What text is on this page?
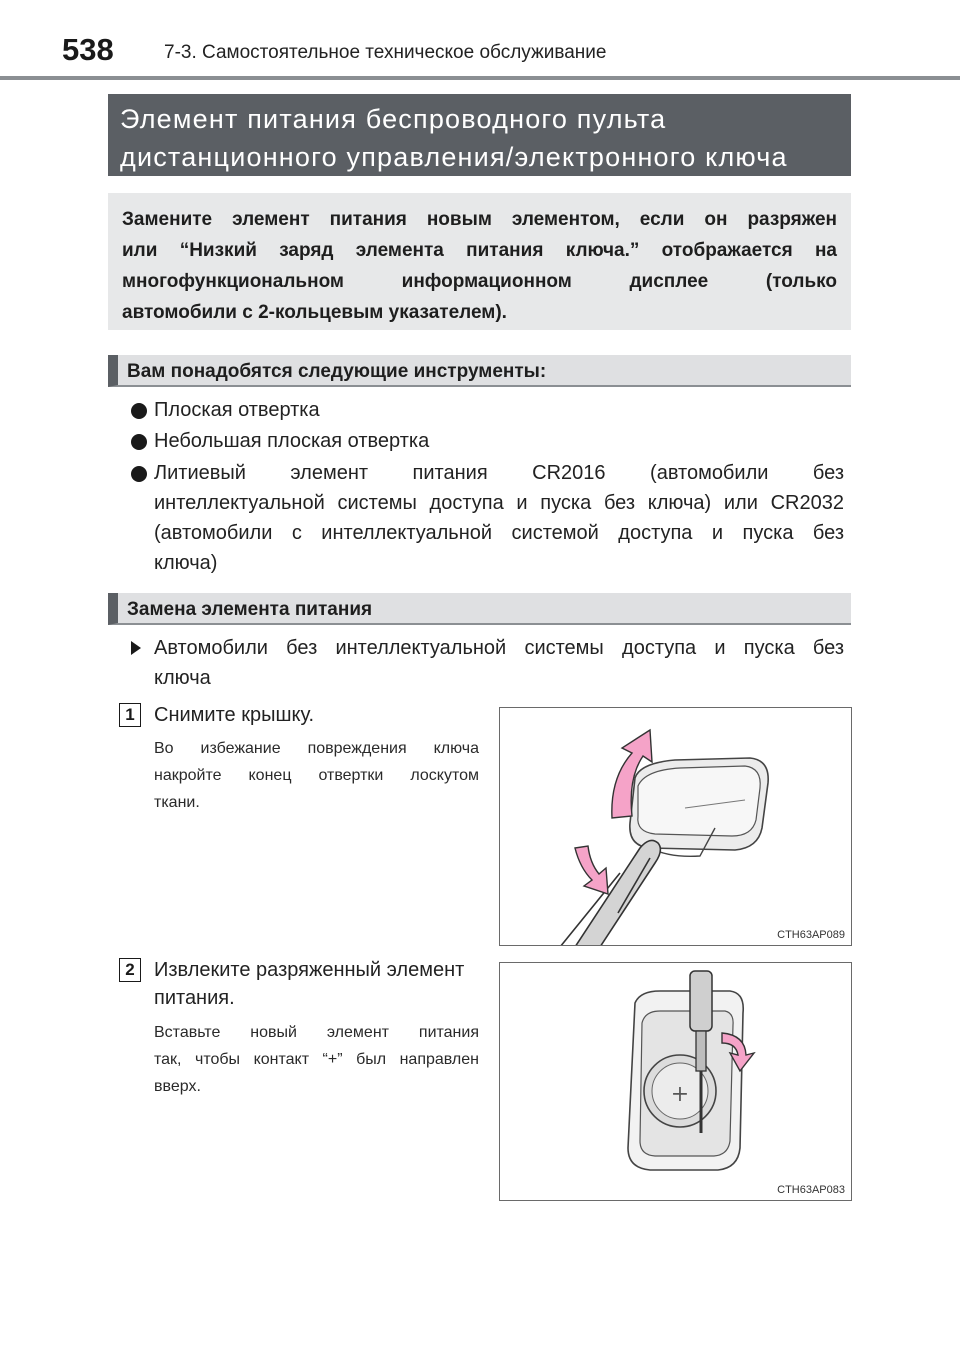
538	7-3. Самостоятельное техническое обслуживание
Элемент питания беспроводного пульта
дистанционного управления/электронного ключа
Замените элемент питания новым элементом, если он разряжен
или “Низкий заряд элемента питания ключа.” отображается на
многофункциональном информационном дисплее (только
автомобили с 2-кольцевым указателем).
Вам понадобятся следующие инструменты:
Плоская отвертка
Небольшая плоская отвертка
Литиевый элемент питания CR2016 (автомобили без
интеллектуальной системы доступа и пуска без ключа) или CR2032
(автомобили с интеллектуальной системой доступа и пуска без
ключа)
Замена элемента питания
Автомобили без интеллектуальной системы доступа и пуска без
ключа
1 Снимите крышку.
Во избежание повреждения ключа
накройте конец отвертки лоскутом
ткани.
CTH63AP089
2 Извлеките разряженный элемент
питания.
Вставьте новый элемент питания
так, чтобы контакт “+” был направлен
вверх.	+
CTH63AP083
